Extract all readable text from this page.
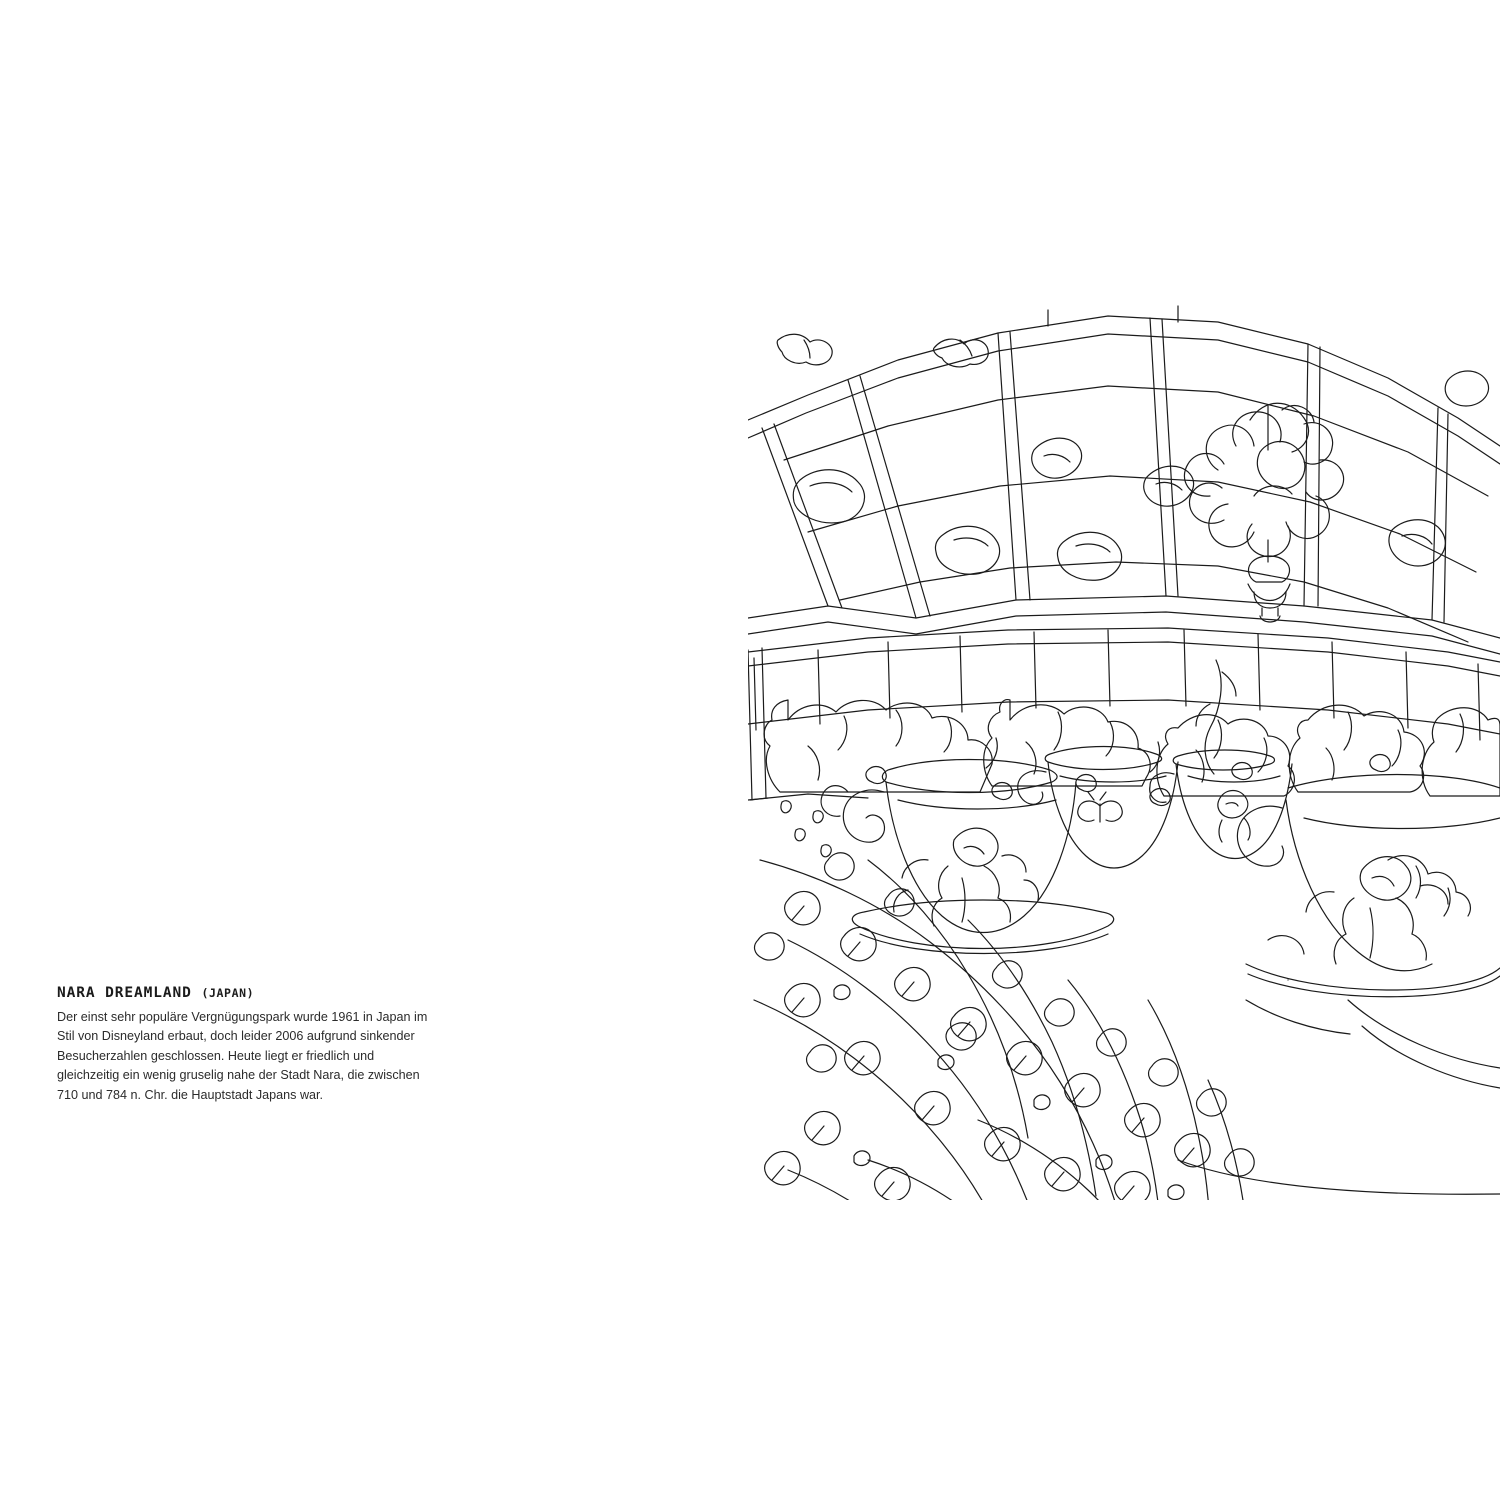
NARA DREAMLAND (JAPAN)

Der einst sehr populäre Vergnügungspark wurde 1961 in Japan im Stil von Disneyland erbaut, doch leider 2006 aufgrund sinkender Besucherzahlen geschlossen. Heute liegt er friedlich und gleichzeitig ein wenig gruselig nahe der Stadt Nara, die zwischen 710 und 784 n. Chr. die Hauptstadt Japans war.
